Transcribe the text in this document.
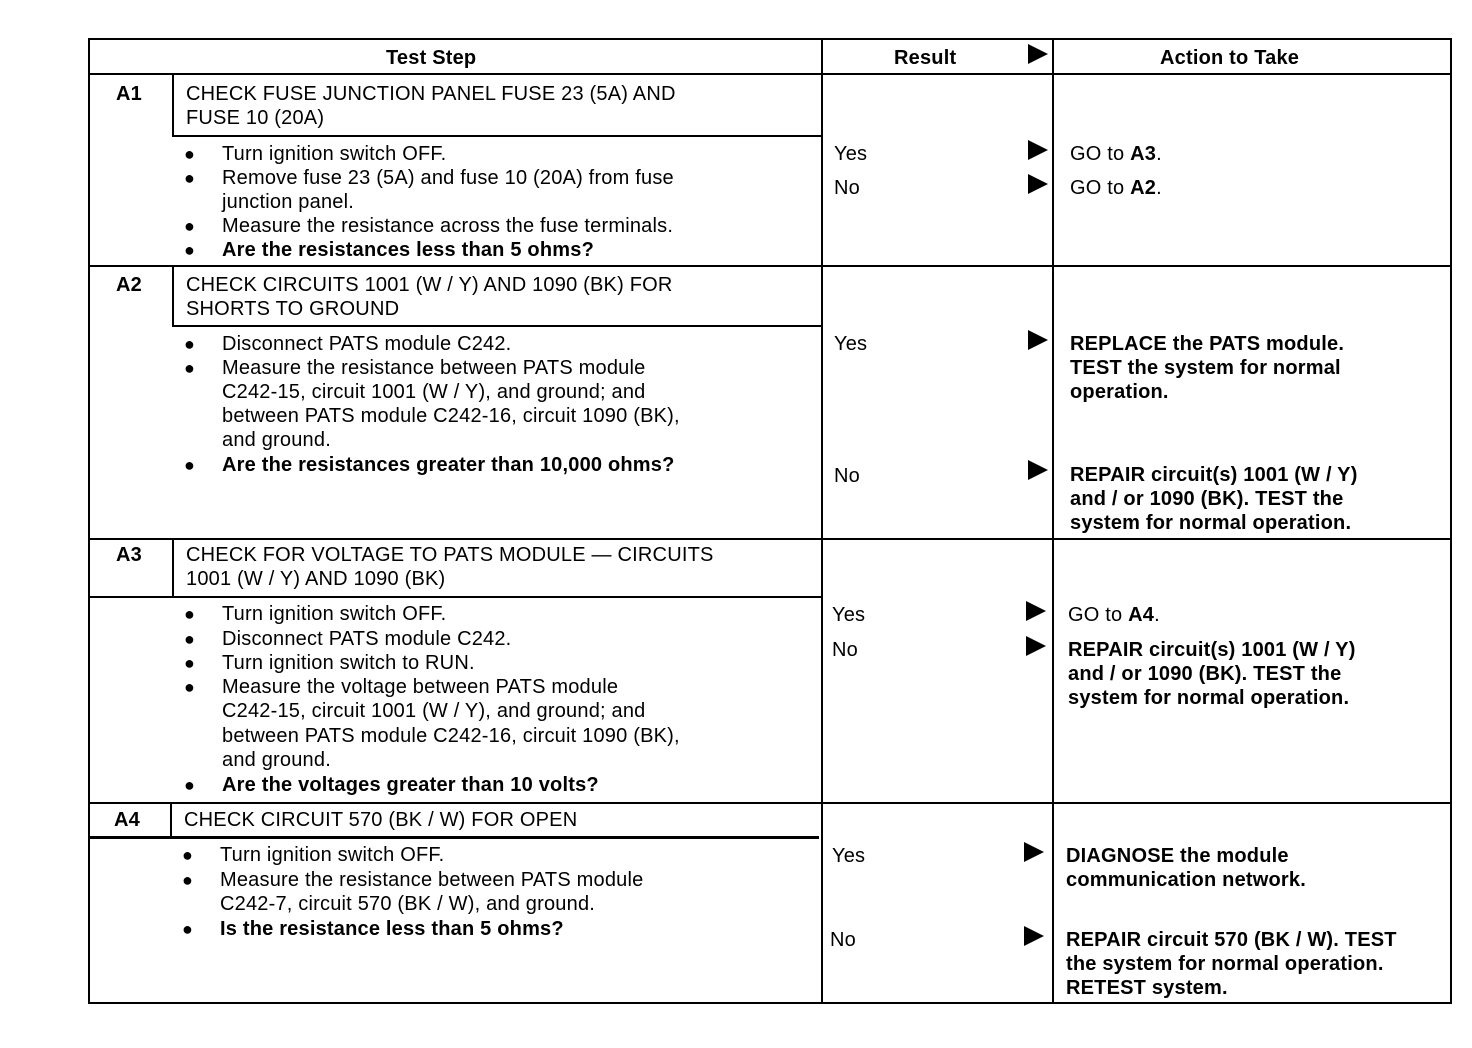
Test Step	Result	Action to Take
A1 CHECK FUSE JUNCTION PANEL FUSE 23 (5A) AND
FUSE 10 (20A)
● Turn ignition switch OFF.
● Remove fuse 23 (5A) and fuse 10 (20A) from fuse
junction panel.
● Measure the resistance across the fuse terminals.
● Are the resistances less than 5 ohms?
Yes	GO to A3.
No	GO to A2.
A2 CHECK CIRCUITS 1001 (W / Y) AND 1090 (BK) FOR
SHORTS TO GROUND
● Disconnect PATS module C242.
● Measure the resistance between PATS module
C242-15, circuit 1001 (W / Y), and ground; and
between PATS module C242-16, circuit 1090 (BK),
and ground.
● Are the resistances greater than 10,000 ohms?
Yes	REPLACE the PATS module.
TEST the system for normal
operation.
No	REPAIR circuit(s) 1001 (W / Y)
and / or 1090 (BK). TEST the
system for normal operation.
A3 CHECK FOR VOLTAGE TO PATS MODULE — CIRCUITS
1001 (W / Y) AND 1090 (BK)
● Turn ignition switch OFF.
● Disconnect PATS module C242.
● Turn ignition switch to RUN.
● Measure the voltage between PATS module
C242-15, circuit 1001 (W / Y), and ground; and
between PATS module C242-16, circuit 1090 (BK),
and ground.
● Are the voltages greater than 10 volts?
Yes	GO to A4.
No	REPAIR circuit(s) 1001 (W / Y)
and / or 1090 (BK). TEST the
system for normal operation.
A4 CHECK CIRCUIT 570 (BK / W) FOR OPEN
● Turn ignition switch OFF.
● Measure the resistance between PATS module
C242-7, circuit 570 (BK / W), and ground.
● Is the resistance less than 5 ohms?
Yes	DIAGNOSE the module
communication network.
No	REPAIR circuit 570 (BK / W). TEST
the system for normal operation.
RETEST system.
